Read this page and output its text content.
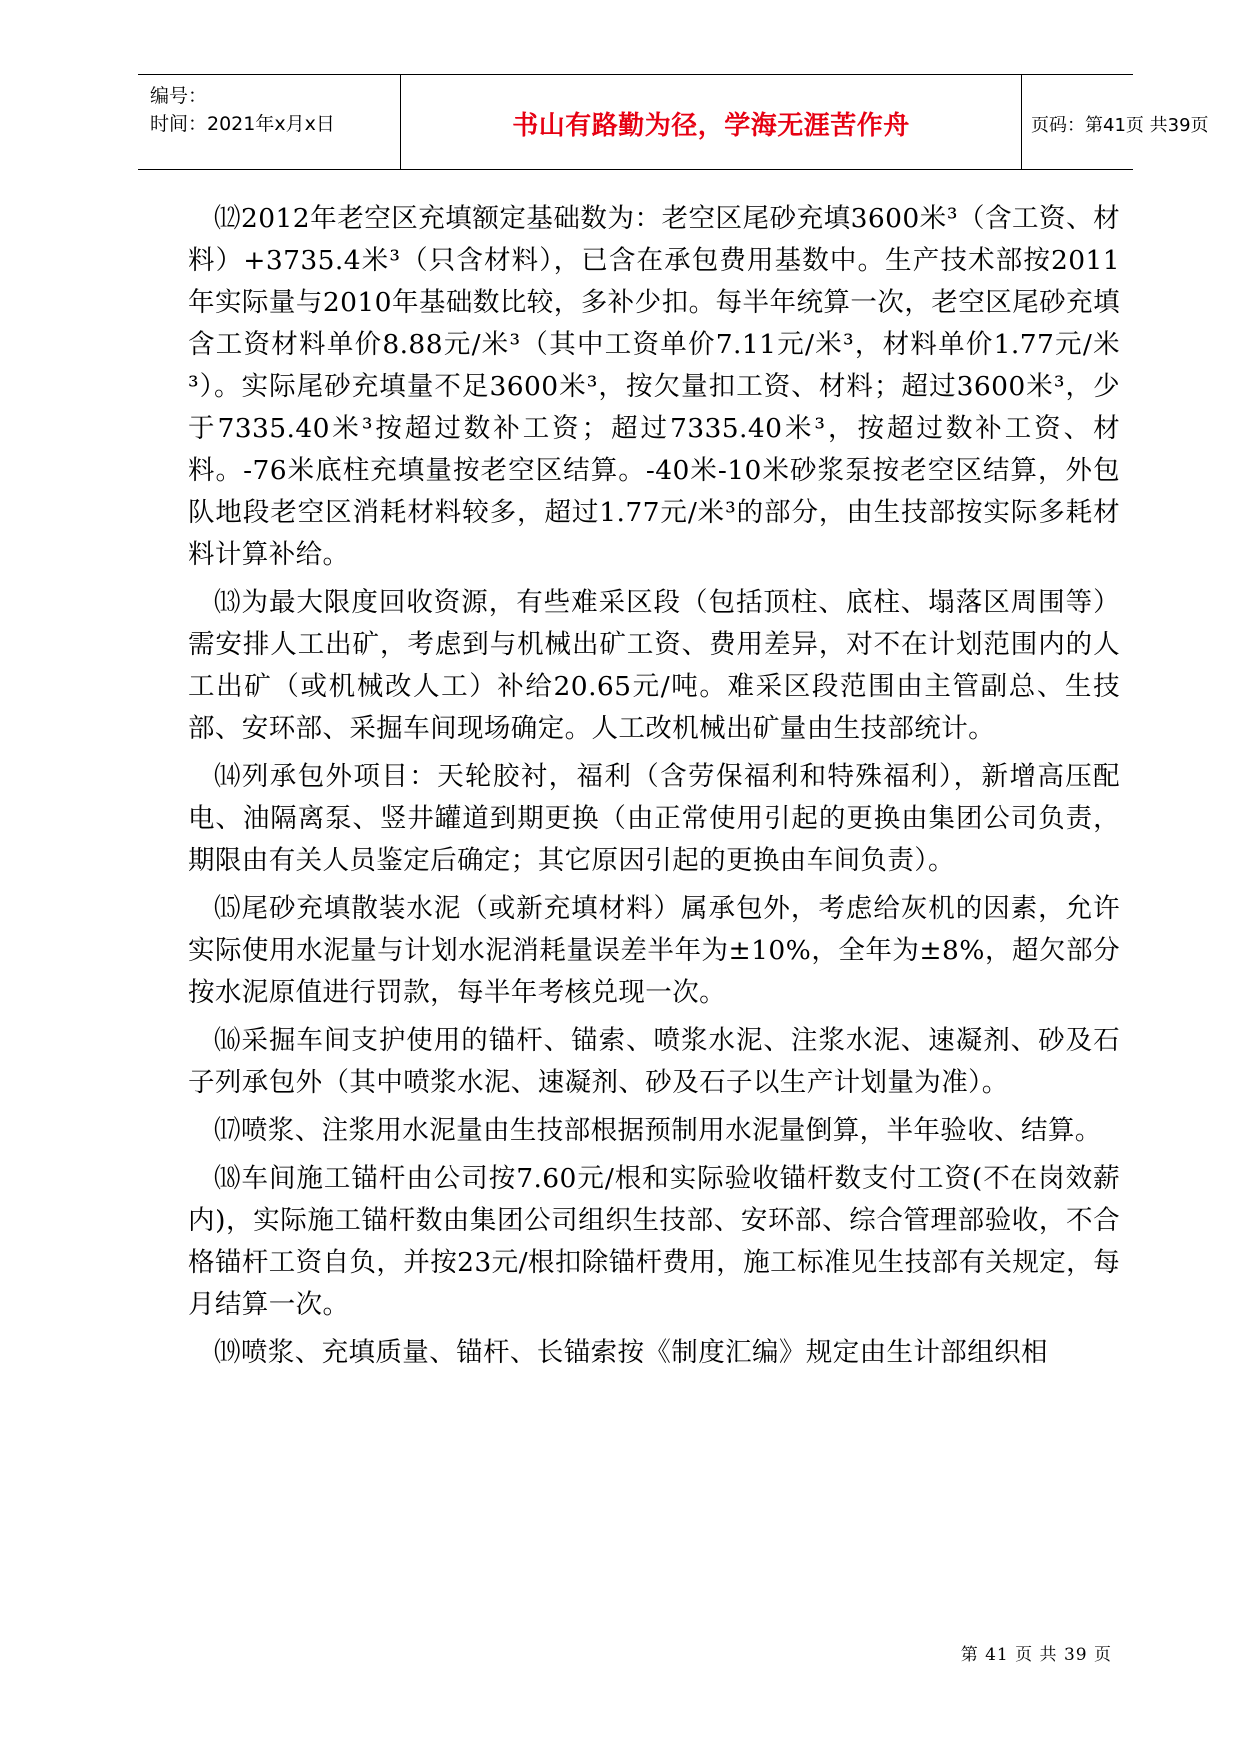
编号：
时间：2021年x月x日	书山有路勤为径，学海无涯苦作舟	页码：第41页 共39页

⑿2012年老空区充填额定基础数为：老空区尾砂充填3600米³（含工资、材料）+3735.4米³（只含材料），已含在承包费用基数中。生产技术部按2011年实际量与2010年基础数比较，多补少扣。每半年统算一次，老空区尾砂充填含工资材料单价8.88元/米³（其中工资单价7.11元/米³，材料单价1.77元/米³）。实际尾砂充填量不足3600米³，按欠量扣工资、材料；超过3600米³，少于7335.40米³按超过数补工资；超过7335.40米³，按超过数补工资、材料。-76米底柱充填量按老空区结算。-40米-10米砂浆泵按老空区结算，外包队地段老空区消耗材料较多，超过1.77元/米³的部分，由生技部按实际多耗材料计算补给。

⒀为最大限度回收资源，有些难采区段（包括顶柱、底柱、塌落区周围等）需安排人工出矿，考虑到与机械出矿工资、费用差异，对不在计划范围内的人工出矿（或机械改人工）补给20.65元/吨。难采区段范围由主管副总、生技部、安环部、采掘车间现场确定。人工改机械出矿量由生技部统计。

⒁列承包外项目：天轮胶衬，福利（含劳保福利和特殊福利），新增高压配电、油隔离泵、竖井罐道到期更换（由正常使用引起的更换由集团公司负责，期限由有关人员鉴定后确定；其它原因引起的更换由车间负责）。

⒂尾砂充填散装水泥（或新充填材料）属承包外，考虑给灰机的因素，允许实际使用水泥量与计划水泥消耗量误差半年为±10%，全年为±8%，超欠部分按水泥原值进行罚款，每半年考核兑现一次。

⒃采掘车间支护使用的锚杆、锚索、喷浆水泥、注浆水泥、速凝剂、砂及石子列承包外（其中喷浆水泥、速凝剂、砂及石子以生产计划量为准）。

⒄喷浆、注浆用水泥量由生技部根据预制用水泥量倒算，半年验收、结算。

⒅车间施工锚杆由公司按7.60元/根和实际验收锚杆数支付工资(不在岗效薪内)，实际施工锚杆数由集团公司组织生技部、安环部、综合管理部验收，不合格锚杆工资自负，并按23元/根扣除锚杆费用，施工标准见生技部有关规定，每月结算一次。

⒆喷浆、充填质量、锚杆、长锚索按《制度汇编》规定由生计部组织相

第 41 页 共 39 页
